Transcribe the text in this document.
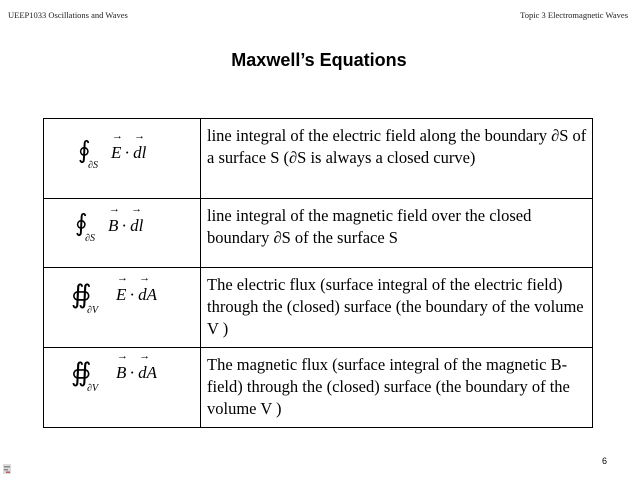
UEEP1033 Oscillations and Waves	Topic 3 Electromagnetic Waves
Maxwell’s Equations
∮
∂S
→ E · → dl	line integral of the electric field along the boundary ∂S of a surface S (∂S is always a closed curve)

∮
∂S
→ B · → dl	line integral of the magnetic field over the closed boundary ∂S of the surface S

∯
∂V
→ E · → dA	The electric flux (surface integral of the electric field) through the (closed) surface (the boundary of the volume V )

∯
∂V
→ B · → dA	The magnetic flux (surface integral of the magnetic B-field) through the (closed) surface (the boundary of the volume V )
6
